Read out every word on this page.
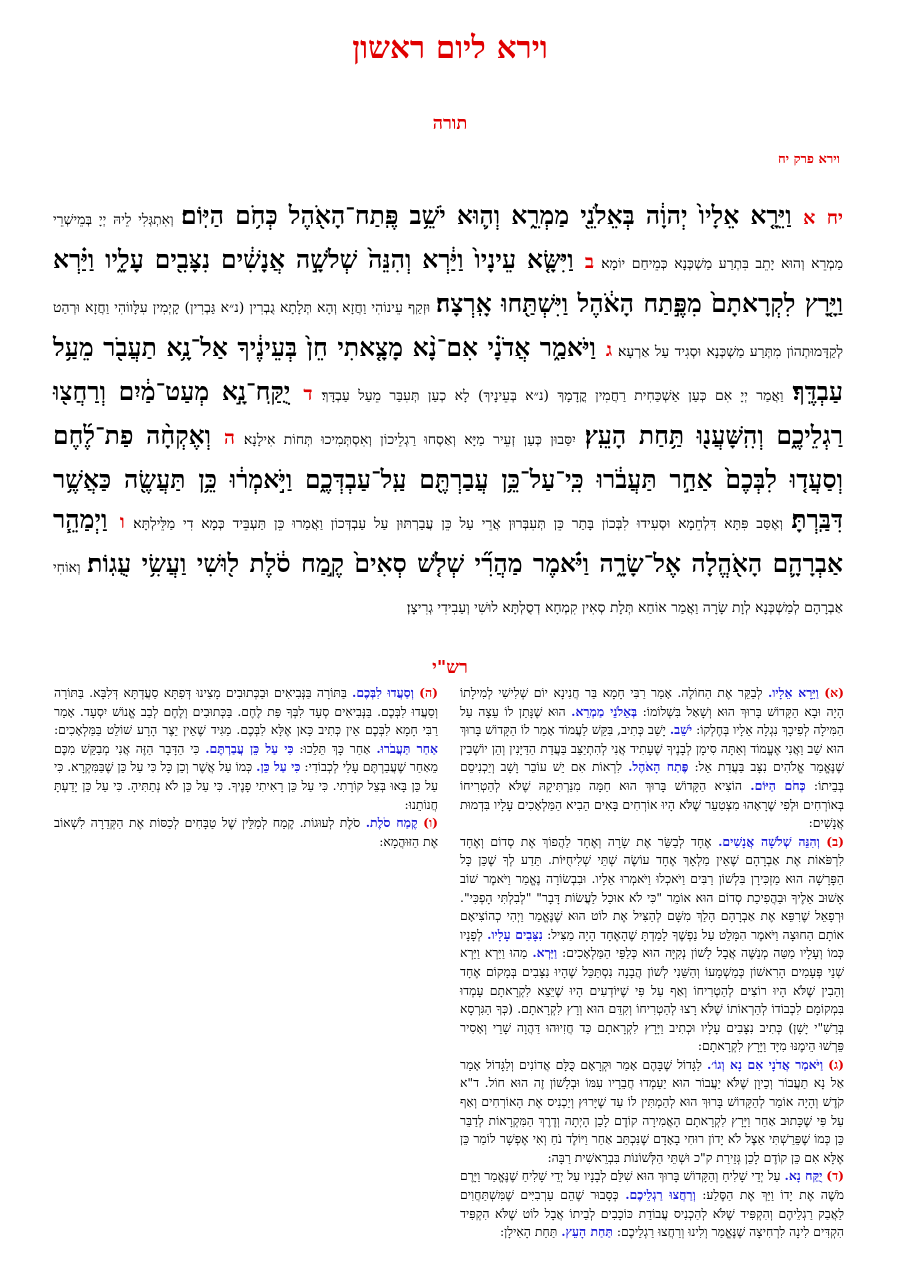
וירא ליום ראשון
תורה
וירא פרק יח
יח א וַיֵּרָ֤א אֵלָיו֙ יְהוָ֔ה בְּאֵלֹנֵ֖י מַמְרֵ֑א וְה֛וּא יֹשֵׁ֥ב פֶּֽתַח־הָאֹ֖הֶל כְּחֹ֥ם הַיּֽוֹם׃ וְאִתְגְּלִי לֵיהּ יְיָ בְּמֵישְׁרֵי מַמְרֵא וְהוּא יָתֵב בִּתְרַע מַשְׁכְּנָא כְּמֵיחַם יוֹמָא׃ ב וַיִּשָּׂ֤א עֵינָיו֙ וַיַּ֔רְא וְהִנֵּה֙ שְׁלֹשָׁ֣ה אֲנָשִׁ֔ים נִצָּבִ֖ים עָלָ֑יו וַיַּ֗רְא וַיָּ֤רָץ לִקְרָאתָם֙ מִפֶּ֣תַח הָאֹ֔הֶל וַיִּשְׁתַּ֖חוּ אָֽרְצָה׃ וּזְקַף עֵינוֹהִי וַחֲזָא וְהָא תְּלָתָא גֻבְרִין (נ״א גַּבְרִין) קָיְמִין עִלָּווֹהִי וַחֲזָא וּרְהַט לְקַדָּמוּתְהוֹן מִתְּרַע מַשְׁכְּנָא וּסְגִיד עַל אַרְעָא׃ ג וַיֹּאמַ֑ר אֲדֹנָ֗י אִם־נָ֨א מָצָ֤אתִי חֵן֙ בְּעֵינֶ֔יךָ אַל־נָ֥א תַעֲבֹ֖ר מֵעַ֥ל עַבְדֶּֽךָ׃ וַאֲמַר יְיָ אִם כְּעַן אַשְׁכַּחִית רַחֲמִין קֳדָמָךְ (נ״א בְּעֵינָיךְ) לָא כְעַן תְּעִבַּר מֵעַל עַבְדָּךְ׃ ד יֻקַּֽח־נָ֣א מְעַט־מַ֔יִם וְרַחֲצ֖וּ רַגְלֵיכֶ֑ם וְהִֽשָּׁעֲנ֖וּ תַּ֥חַת הָעֵֽץ׃ יִסַּבוּן כְּעַן זְעֵיר מַיָּא וְאַסְחוּ רַגְלֵיכוֹן וְאִסְתְּמִיכוּ תְּחוֹת אִילָנָא׃ ה וְאֶקְחָ֨ה פַת־לֶ֜חֶם וְסַעֲד֤וּ לִבְּכֶם֙ אַחַ֣ר תַּעֲבֹ֔רוּ כִּֽי־עַל־כֵּ֥ן עֲבַרְתֶּ֖ם עַֽל־עַבְדְּכֶ֑ם וַיֹּ֣אמְר֔וּ כֵּ֥ן תַּעֲשֶׂ֖ה כַּאֲשֶׁ֥ר דִּבַּֽרְתָּ׃ וְאֶסַּב פִּתָּא דִּלְחֵמָא וּסְעִידוּ לִבְּכוֹן בָּתַר כֵּן תְּעִבְּרוּן אֲרֵי עַל כֵּן עֲבַרְתּוּן עַל עַבְדְּכוֹן וַאֲמַרוּ כֵּן תַּעְבֵּיד כְּמָא דִי מַלֵּילְתָּא׃ ו וַיְמַהֵ֧ר אַבְרָהָ֛ם הָאֹ֖הֱלָה אֶל־שָׂרָ֑ה וַיֹּ֗אמֶר מַהֲרִ֞י שְׁלֹ֤שׁ סְאִים֙ קֶ֣מַח סֹ֔לֶת ל֖וּשִׁי וַעֲשִׂ֥י עֻגֽוֹת׃ וְאוֹחִי אַבְרָהָם לְמַשְׁכְּנָא לְוָת שָׂרָה וַאֲמַר אוֹחַא תְּלָת סְאִין קִמְחָא דְסֻלְתָּא לוּשִׁי וְעַבִידִי גְרִיצָן׃
רש"י

(א) וַיֵּרָא אֵלָיו. לְבַקֵּר אֶת הַחוֹלֶה. אָמַר רַבִּי חָמָא בַּר חֲנִינָא יוֹם שְׁלִישִׁי לְמִילָתוֹ הָיָה וּבָא הַקָּדוֹשׁ בָּרוּךְ הוּא וְשָׁאַל בִּשְׁלוֹמוֹ: בְּאֵלֹנֵי מַמְרֵא. הוּא שֶׁנָּתַן לוֹ עֵצָה עַל הַמִּילָה לְפִיכָךְ נִגְלָה אֵלָיו בְּחֶלְקוֹ: יֹשֵׁב. יָשַׁב כְּתִיב, בִּקֵּשׁ לַעֲמוֹד אָמַר לוֹ הַקָּדוֹשׁ בָּרוּךְ הוּא שֵׁב וַאֲנִי אֶעֱמוֹד וְאַתָּה סִימָן לְבָנֶיךָ שֶׁעָתִיד אֲנִי לְהִתְיַצֵּב בַּעֲדַת הַדַּיָּנִין וְהֵן יוֹשְׁבִין שֶׁנֶּאֱמַר אֱלֹהִים נִצָּב בַּעֲדַת אֵל: פֶּתַח הָאֹהֶל. לִרְאוֹת אִם יֵשׁ עוֹבֵר וָשָׁב וְיַכְנִיסֵם בְּבֵיתוֹ: כְּחֹם הַיּוֹם. הוֹצִיא הַקָּדוֹשׁ בָּרוּךְ הוּא חַמָּה מִנַּרְתִּיקָהּ שֶׁלֹּא לְהַטְרִיחוֹ בְּאוֹרְחִים וּלְפִי שֶׁרָאָהוּ מִצְטַעֵר שֶׁלֹּא הָיוּ אוֹרְחִים בָּאִים הֵבִיא הַמַּלְאָכִים עָלָיו בִּדְמוּת אֲנָשִׁים:

(ב) וְהִנֵּה שְׁלֹשָׁה אֲנָשִׁים. אֶחָד לְבַשֵּׂר אֶת שָׂרָה וְאֶחָד לַהֲפוֹךְ אֶת סְדוֹם וְאֶחָד לִרְפֹּאוֹת אֶת אַבְרָהָם שֶׁאֵין מַלְאָךְ אֶחָד עוֹשֶׂה שְׁתֵּי שְׁלִיחֻיּוֹת. תֵּדַע לְךָ שֶׁכֵּן כָּל הַפָּרָשָׁה הוּא מַזְכִּירָן בִּלְשׁוֹן רַבִּים וַיֹּאכְלוּ וַיֹּאמְרוּ אֵלָיו. וּבִבְשׂוֹרָה נֶאֱמַר וַיֹּאמֶר שׁוֹב אָשׁוּב אֵלֶיךָ וּבַהֲפִיכַת סְדוֹם הוּא אוֹמֵר "כִּי לֹא אוּכַל לַעֲשׂוֹת דָּבָר" "לְבִלְתִּי הָפְכִּי". וּרְפָאֵל שֶׁרִפֵּא אֶת אַבְרָהָם הָלַךְ מִשָּׁם לְהַצִּיל אֶת לוֹט הוּא שֶׁנֶּאֱמַר וַיְהִי כְהוֹצִיאָם אוֹתָם הַחוּצָה וַיֹּאמֶר הִמָּלֵט עַל נַפְשֶׁךָ לָמַדְתָּ שֶׁהָאֶחָד הָיָה מַצִּיל: נִצָּבִים עָלָיו. לְפָנָיו כְּמוֹ וְעָלָיו מַטֵּה מְנַשֶּׁה אֲבָל לָשׁוֹן נְקִיָּה הוּא כְּלַפֵּי הַמַּלְאָכִים: וַיַּרְא. מַהוּ וַיַּרְא וַיַּרְא שְׁנֵי פְּעָמִים הָרִאשׁוֹן כְּמַשְׁמָעוֹ וְהַשֵּׁנִי לְשׁוֹן הֲבָנָה נִסְתַּכֵּל שֶׁהָיוּ נִצָּבִים בְּמָקוֹם אֶחָד וְהֵבִין שֶׁלֹּא הָיוּ רוֹצִים לְהַטְרִיחוֹ וְאַף עַל פִּי שֶׁיּוֹדְעִים הָיוּ שֶׁיֵּצֵא לִקְרָאתָם עָמְדוּ בִּמְקוֹמָם לִכְבוֹדוֹ לְהַרְאוֹתוֹ שֶׁלֹּא רָצוּ לְהַטְרִיחוֹ וְקִדֵּם הוּא וְרָץ לִקְרָאתָם. (כְּךָ הַגִּרְסָא בְּרַשִׁ"י יָשָׁן) כְּתִיב נִצָּבִים עָלָיו וּכְתִיב וַיָּרָץ לִקְרָאתָם כַּד חֲזִיוּהוּ דַּהֲוָה שָׁרֵי וְאָסִיר פֵּרְשׁוּ הֵימֶנּוּ מִיָּד וַיָּרָץ לִקְרָאתָם:

(ג) וַיֹּאמַר אֲדֹנָי אִם נָא וְגוֹ׳. לַגָּדוֹל שֶׁבָּהֶם אָמַר וּקְרָאָם כֻּלָּם אֲדוֹנִים וְלַגָּדוֹל אָמַר אַל נָא תַעֲבוֹר וְכֵיוָן שֶׁלֹּא יַעֲבוֹר הוּא יַעַמְדוּ חֲבֵרָיו עִמּוֹ וּבְלָשׁוֹן זֶה הוּא חוֹל. ד"א קֹדֶשׁ וְהָיָה אוֹמֵר לְהַקָּדוֹשׁ בָּרוּךְ הוּא לְהַמְתִּין לוֹ עַד שֶׁיָּרוּץ וְיַכְנִיס אֶת הָאוֹרְחִים וְאַף עַל פִּי שֶׁכָּתוּב אַחַר וַיָּרָץ לִקְרָאתָם הָאֲמִירָה קוֹדֶם לָכֵן הָיְתָה וְדֶרֶךְ הַמִּקְרָאוֹת לְדַבֵּר כֵּן כְּמוֹ שֶׁפֵּרַשְׁתִּי אֵצֶל לֹא יָדוֹן רוּחִי בָאָדָם שֶׁנִּכְתַּב אַחַר וַיּוֹלֶד נֹחַ וְאִי אֶפְשָׁר לוֹמַר כֵּן אֶלָּא אִם כֵּן קוֹדֶם לָכֵן גְּזֵירַת ק"כ וּשְׁתֵּי הַלְּשׁוֹנוֹת בִּבְרֵאשִׁית רַבָּה:

(ד) יֻקַּח נָא. עַל יְדֵי שָׁלִיחַ וְהַקָּדוֹשׁ בָּרוּךְ הוּא שִׁלֵּם לְבָנָיו עַל יְדֵי שָׁלִיחַ שֶׁנֶּאֱמַר וַיָּרֶם מֹשֶׁה אֶת יָדוֹ וַיַּךְ אֶת הַסֶּלַע: וְרַחֲצוּ רַגְלֵיכֶם. כְּסָבוּר שֶׁהֵם עַרְבִיִּים שֶׁמִּשְׁתַּחֲוִים לַאֲבַק רַגְלֵיהֶם וְהִקְפִּיד שֶׁלֹּא לְהַכְנִיס עֲבוֹדַת כּוֹכָבִים לְבֵיתוֹ אֲבָל לוֹט שֶׁלֹּא הִקְפִּיד הִקְדִּים לִינָה לִרְחִיצָה שֶׁנֶּאֱמַר וְלִינוּ וְרַחֲצוּ רַגְלֵיכֶם: תַּחַת הָעֵץ. תַּחַת הָאִילָן:

(ה) וְסַעֲדוּ לִבְּכֶם. בַּתּוֹרָה בַּנְּבִיאִים וּבַכְּתוּבִים מָצִינוּ דְּפִתָּא סַעֲדְתָּא דְּלִבָּא. בַּתּוֹרָה וְסַעֲדוּ לִבְּכֶם. בַּנְּבִיאִים סְעָד לִבְּךָ פַּת לֶחֶם. בַּכְּתוּבִים וְלֶחֶם לְבַב אֱנוֹשׁ יִסְעָד. אָמַר רַבִּי חָמָא לִבְּכֶם אֵין כְּתִיב כָּאן אֶלָּא לִבְּכֶם. מַגִּיד שֶׁאֵין יֵצֶר הָרָע שׁוֹלֵט בַּמַּלְאָכִים: אַחַר תַּעֲבֹרוּ. אַחַר כָּךְ תֵּלֵכוּ: כִּי עַל כֵּן עֲבַרְתֶּם. כִּי הַדָּבָר הַזֶּה אֲנִי מְבַקֵּשׁ מִכֶּם מֵאַחַר שֶׁעֲבַרְתֶּם עָלַי לְכְבוֹדִי: כִּי עַל כֵּן. כְּמוֹ עַל אֲשֶׁר וְכֵן כָּל כִּי עַל כֵּן שֶׁבַּמִּקְרָא. כִּי עַל כֵּן בָּאוּ בְּצֵל קוֹרָתִי. כִּי עַל כֵּן רָאִיתִי פָנֶיךָ. כִּי עַל כֵּן לֹא נְתַתִּיהָ. כִּי עַל כֵּן יָדַעְתָּ חֲנוֹתֵנוּ:

(ו) קֶמַח סֹלֶת. סֹלֶת לְעוּגוֹת. קֶמַח לְמַלֵּין שֶׁל טַבָּחִים לְכַסּוֹת אֶת הַקְּדֵרָה לִשְׁאוֹב אֶת הַזּוּהֲמָא:
